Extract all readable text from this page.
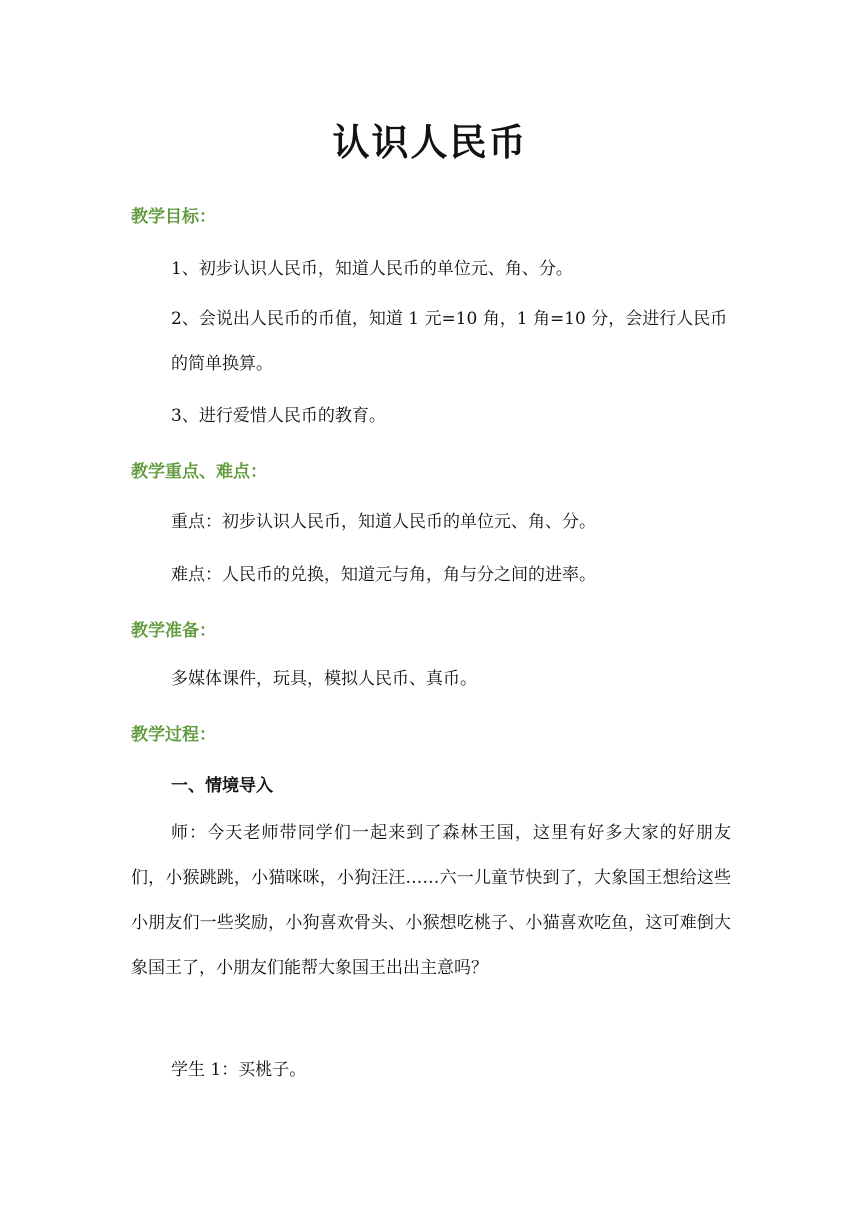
认识人民币
教学目标：

1、初步认识人民币，知道人民币的单位元、角、分。

2、会说出人民币的币值，知道 1 元=10 角，1 角=10 分，会进行人民币的简单换算。

3、进行爱惜人民币的教育。

教学重点、难点：

重点：初步认识人民币，知道人民币的单位元、角、分。

难点：人民币的兑换，知道元与角，角与分之间的进率。

教学准备：

多媒体课件，玩具，模拟人民币、真币。

教学过程：
一、情境导入

师：今天老师带同学们一起来到了森林王国，这里有好多大家的好朋友们，小猴跳跳，小猫咪咪，小狗汪汪……六一儿童节快到了，大象国王想给这些小朋友们一些奖励，小狗喜欢骨头、小猴想吃桃子、小猫喜欢吃鱼，这可难倒大象国王了，小朋友们能帮大象国王出出主意吗？

学生 1：买桃子。
